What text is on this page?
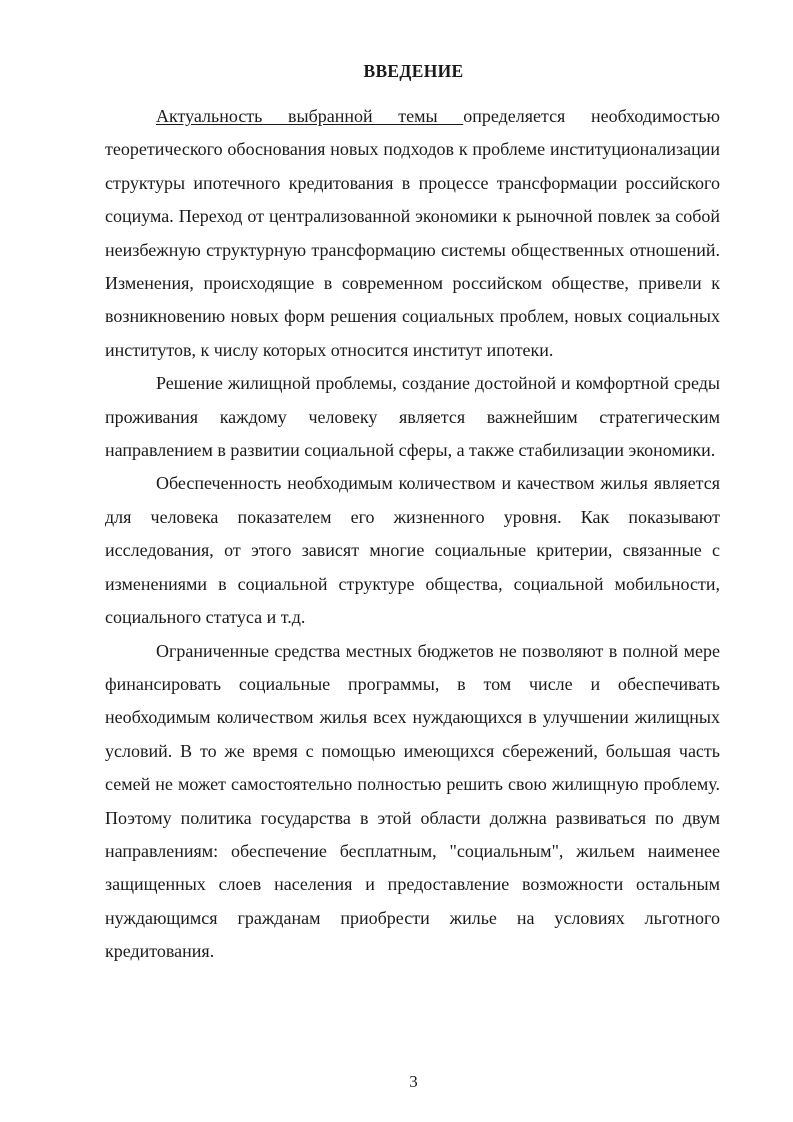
ВВЕДЕНИЕ

Актуальность выбранной темы определяется необходимостью теоретического обоснования новых подходов к проблеме институционализации структуры ипотечного кредитования в процессе трансформации российского социума. Переход от централизованной экономики к рыночной повлек за собой неизбежную структурную трансформацию системы общественных отношений. Изменения, происходящие в современном российском обществе, привели к возникновению новых форм решения социальных проблем, новых социальных институтов, к числу которых относится институт ипотеки.

Решение жилищной проблемы, создание достойной и комфортной среды проживания каждому человеку является важнейшим стратегическим направлением в развитии социальной сферы, а также стабилизации экономики.

Обеспеченность необходимым количеством и качеством жилья является для человека показателем его жизненного уровня. Как показывают исследования, от этого зависят многие социальные критерии, связанные с изменениями в социальной структуре общества, социальной мобильности, социального статуса и т.д.

Ограниченные средства местных бюджетов не позволяют в полной мере финансировать социальные программы, в том числе и обеспечивать необходимым количеством жилья всех нуждающихся в улучшении жилищных условий. В то же время с помощью имеющихся сбережений, большая часть семей не может самостоятельно полностью решить свою жилищную проблему. Поэтому политика государства в этой области должна развиваться по двум направлениям: обеспечение бесплатным, "социальным", жильем наименее защищенных слоев населения и предоставление возможности остальным нуждающимся гражданам приобрести жилье на условиях льготного кредитования.

3
